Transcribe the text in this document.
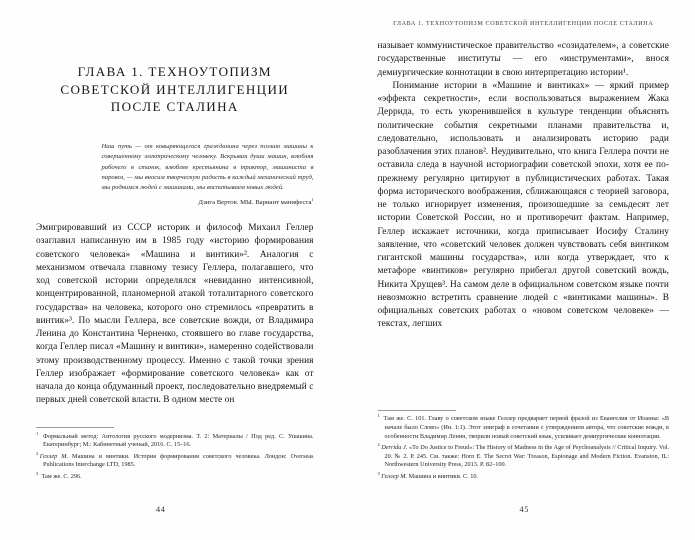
ГЛАВА 1. ТЕХНОУТОПИЗМ
СОВЕТСКОЙ ИНТЕЛЛИГЕНЦИИ
ПОСЛЕ СТАЛИНА

Наш путь — от ковыряющегося гражданина через поэзию машины к совершенному электрическому человеку. Вскрывая души машин, влюбляя рабочего в станок, влюбляя крестьянина в трактор, машиниста в паровоз, — мы вносим творческую радость в каждый механический труд, мы роднимся людей с машинами, мы воспитываем новых людей.

Дзига Вертов. МЫ. Вариант манифеста$^1$

Эмигрировавший из СССР историк и философ Михаил Геллер озаглавил написанную им в 1985 году «историю формирования советского человека» «Машина и винтики»². Аналогия с механизмом отвечала главному тезису Геллера, полагавшего, что ход советской истории определялся «невиданно интенсивной, концентрированной, планомерной атакой тоталитарного советского государства» на человека, которого оно стремилось «превратить в винтик»³. По мысли Геллера, все советские вожди, от Владимира Ленина до Константина Черненко, стоявшего во главе государства, когда Геллер писал «Машину и винтики», намеренно содействовали этому производственному процессу. Именно с такой точки зрения Геллер изображает «формирование советского человека» как от начала до конца обдуманный проект, последовательно внедряемый с первых дней советской власти. В одном месте он

$^1$ Формальный метод: Антология русского модернизма. Т. 2: Материалы / Под ред. С. Ушакина. Екатеринбург; М.: Кабинетный ученый, 2016. С. 15–16.

$^2$ Геллер М. Машина и винтики. История формирования советского человека. Лондон: Overseas Publications Interchange LTD, 1985.

$^3$ Там же. С. 296.

44
ГЛАВА 1. ТЕХНОУТОПИЗМ СОВЕТСКОЙ ИНТЕЛЛИГЕНЦИИ ПОСЛЕ СТАЛИНА

называет коммунистическое правительство «созидателем», а советские государственные институты — его «инструментами», внося демиургические коннотации в свою интерпретацию истории¹.

Понимание истории в «Машине и винтиках» — яркий пример «эффекта секретности», если воспользоваться выражением Жака Деррида, то есть укоренившейся в культуре тенденции объяснять политические события секретными планами правительства и, следовательно, использовать и анализировать историю ради разоблачения этих планов². Неудивительно, что книга Геллера почти не оставила следа в научной историографии советской эпохи, хотя ее по-прежнему регулярно цитируют в публицистических работах. Такая форма исторического воображения, сближающаяся с теорией заговора, не только игнорирует изменения, произошедшие за семьдесят лет истории Советской России, но и противоречит фактам. Например, Геллер искажает источники, когда приписывает Иосифу Сталину заявление, что «советский человек должен чувствовать себя винтиком гигантской машины государства», или когда утверждает, что к метафоре «винтиков» регулярно прибегал другой советский вождь, Никита Хрущев³. На самом деле в официальном советском языке почти невозможно встретить сравнение людей с «винтиками машины». В официальных советских работах о «новом советском человеке» — текстах, легших

$^1$ Там же. С. 101. Главу о советском языке Геллер предваряет первой фразой из Евангелия от Иоанна: «В начале было Слово» (Ин. 1:1). Этот эпиграф в сочетании с утверждением автора, что советские вожди, в особенности Владимир Ленин, творили новый советский язык, усиливает демиургические коннотации.

$^2$ Derrida J. «To Do Justice to Freud»: The History of Madness in the Age of Psychoanalysis // Critical Inquiry. Vol. 20. № 2. P. 245. См. также: Horn E. The Secret War: Treason, Espionage and Modern Fiction. Evanston, IL: Northwestern University Press, 2013. P. 82–100.

$^3$ Геллер М. Машина и винтики. С. 10.

45
